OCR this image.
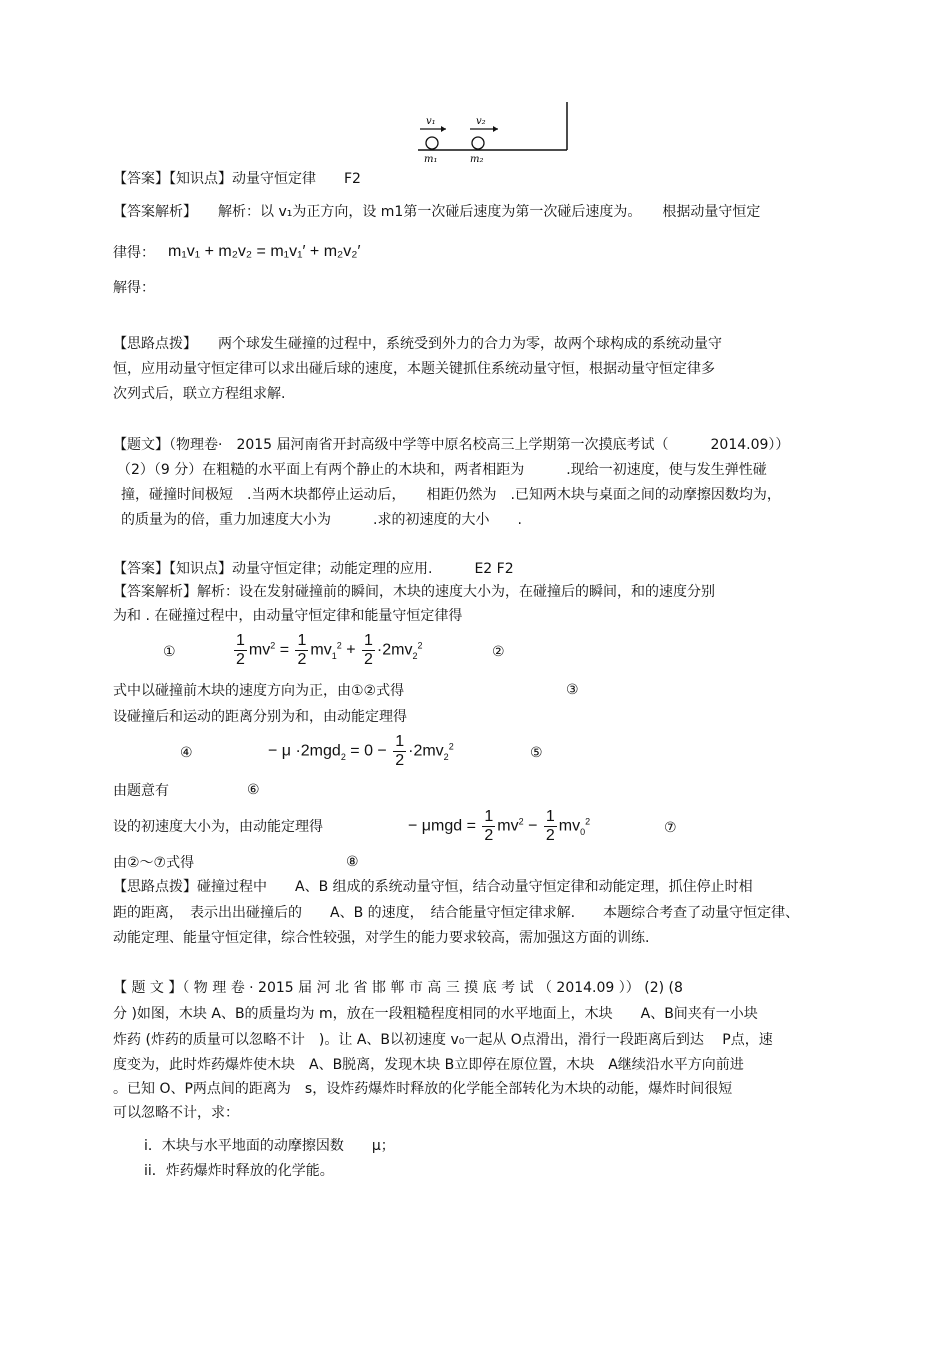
v₁	v₂
m₁	m₂
【答案】【知识点】动量守恒定律　　F2
【答案解析】　　解析：以 v₁为正方向，设 m1第一次碰后速度为第一次碰后速度为。　　根据动量守恒定
律得： m₁v₁ + m₂v₂ = m₁v₁′ + m₂v₂′
解得：
【思路点拨】　　两个球发生碰撞的过程中，系统受到外力的合力为零，故两个球构成的系统动量守
恒，应用动量守恒定律可以求出碰后球的速度，本题关键抓住系统动量守恒，根据动量守恒定律多
次列式后，联立方程组求解.
【题文】（物理卷·　2015 届河南省开封高级中学等中原名校高三上学期第一次摸底考试（　　　2014.09））
（2）（9 分）在粗糙的水平面上有两个静止的木块和，两者相距为　　　.现给一初速度，使与发生弹性碰
撞，碰撞时间极短　.当两木块都停止运动后，　　相距仍然为　.已知两木块与桌面之间的动摩擦因数均为，
的质量为的倍，重力加速度大小为　　　.求的初速度的大小　　.
【答案】【知识点】动量守恒定律；动能定理的应用.　　　E2 F2
【答案解析】解析：设在发射碰撞前的瞬间，木块的速度大小为，在碰撞后的瞬间，和的速度分别
为和 . 在碰撞过程中，由动量守恒定律和能量守恒定律得
①	$\frac{1}{2} mv^2 = \frac{1}{2} mv_1^2 + \frac{1}{2} \cdot 2mv_2^2$	②
式中以碰撞前木块的速度方向为正，由①②式得	③
设碰撞后和运动的距离分别为和，由动能定理得
④	− $\mu \cdot 2mgd_2 = 0 - \frac{1}{2} \cdot 2mv_2^2$	⑤
由题意有	⑥
设的初速度大小为，由动能定理得	− $\mu mgd = \frac{1}{2} mv^2 - \frac{1}{2} mv_0^2$	⑦
由②～⑦式得	⑧
【思路点拨】碰撞过程中　　A、B 组成的系统动量守恒，结合动量守恒定律和动能定理，抓住停止时相
距的距离，　表示出出碰撞后的　　A、B 的速度，　结合能量守恒定律求解.　　本题综合考查了动量守恒定律、
动能定理、能量守恒定律，综合性较强，对学生的能力要求较高，需加强这方面的训练.
【 题 文 】（ 物 理 卷 · 2015 届 河 北 省 邯 郸 市 高 三 摸 底 考 试 （ 2014.09 ）） (2) (8
分 )如图，木块 A、B的质量均为 m，放在一段粗糙程度相同的水平地面上，木块　　A、B间夹有一小块
炸药 (炸药的质量可以忽略不计　)。让 A、B以初速度 v₀一起从 O点滑出，滑行一段距离后到达　 P点，速
度变为，此时炸药爆炸使木块　A、B脱离，发现木块 B立即停在原位置，木块　A继续沿水平方向前进
。已知 O、P两点间的距离为　s，设炸药爆炸时释放的化学能全部转化为木块的动能，爆炸时间很短
可以忽略不计，求：
i．木块与水平地面的动摩擦因数　　μ；
ii．炸药爆炸时释放的化学能。
